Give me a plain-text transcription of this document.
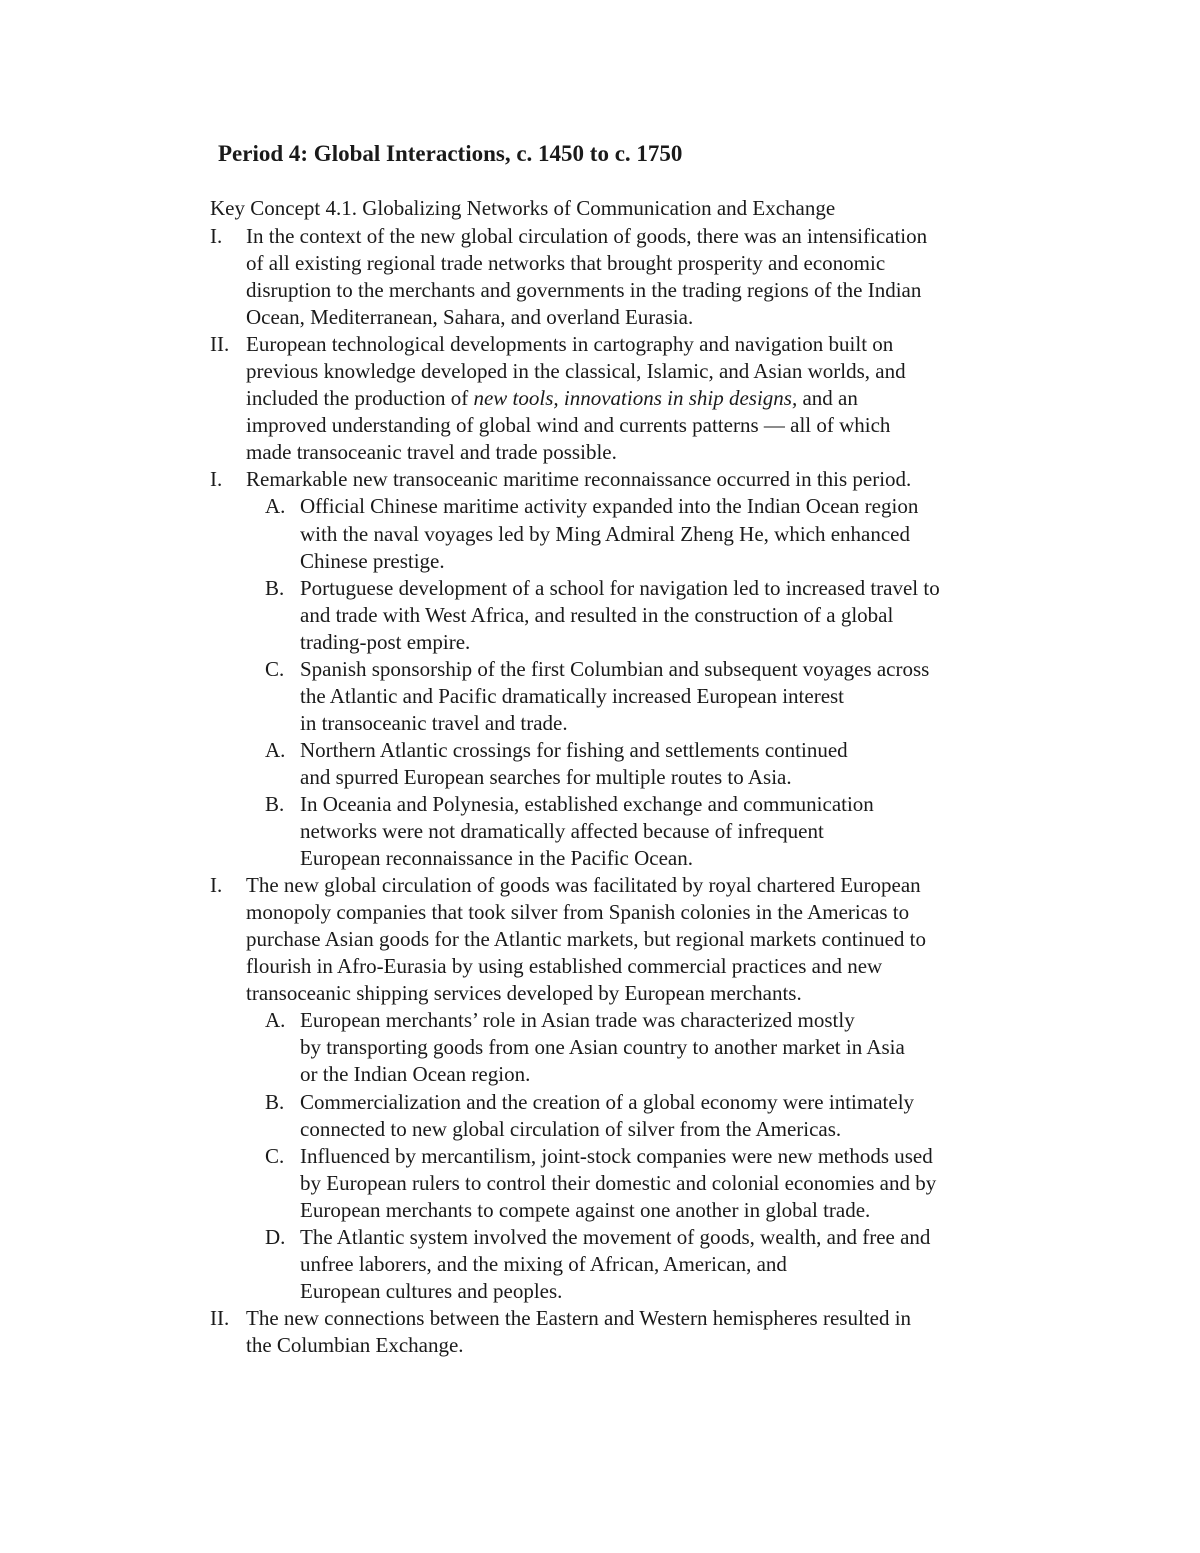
Period 4: Global Interactions, c. 1450 to c. 1750
Key Concept 4.1. Globalizing Networks of Communication and Exchange
I. In the context of the new global circulation of goods, there was an intensification
of all existing regional trade networks that brought prosperity and economic
disruption to the merchants and governments in the trading regions of the Indian
Ocean, Mediterranean, Sahara, and overland Eurasia.
II. European technological developments in cartography and navigation built on
previous knowledge developed in the classical, Islamic, and Asian worlds, and
included the production of new tools, innovations in ship designs, and an
improved understanding of global wind and currents patterns — all of which
made transoceanic travel and trade possible.
I. Remarkable new transoceanic maritime reconnaissance occurred in this period.
A. Official Chinese maritime activity expanded into the Indian Ocean region
with the naval voyages led by Ming Admiral Zheng He, which enhanced
Chinese prestige.
B. Portuguese development of a school for navigation led to increased travel to
and trade with West Africa, and resulted in the construction of a global
trading-post empire.
C. Spanish sponsorship of the first Columbian and subsequent voyages across
the Atlantic and Pacific dramatically increased European interest
in transoceanic travel and trade.
A. Northern Atlantic crossings for fishing and settlements continued
and spurred European searches for multiple routes to Asia.
B. In Oceania and Polynesia, established exchange and communication
networks were not dramatically affected because of infrequent
European reconnaissance in the Pacific Ocean.
I. The new global circulation of goods was facilitated by royal chartered European
monopoly companies that took silver from Spanish colonies in the Americas to
purchase Asian goods for the Atlantic markets, but regional markets continued to
flourish in Afro-Eurasia by using established commercial practices and new
transoceanic shipping services developed by European merchants.
A. European merchants’ role in Asian trade was characterized mostly
by transporting goods from one Asian country to another market in Asia
or the Indian Ocean region.
B. Commercialization and the creation of a global economy were intimately
connected to new global circulation of silver from the Americas.
C. Influenced by mercantilism, joint-stock companies were new methods used
by European rulers to control their domestic and colonial economies and by
European merchants to compete against one another in global trade.
D. The Atlantic system involved the movement of goods, wealth, and free and
unfree laborers, and the mixing of African, American, and
European cultures and peoples.
II. The new connections between the Eastern and Western hemispheres resulted in
the Columbian Exchange.
